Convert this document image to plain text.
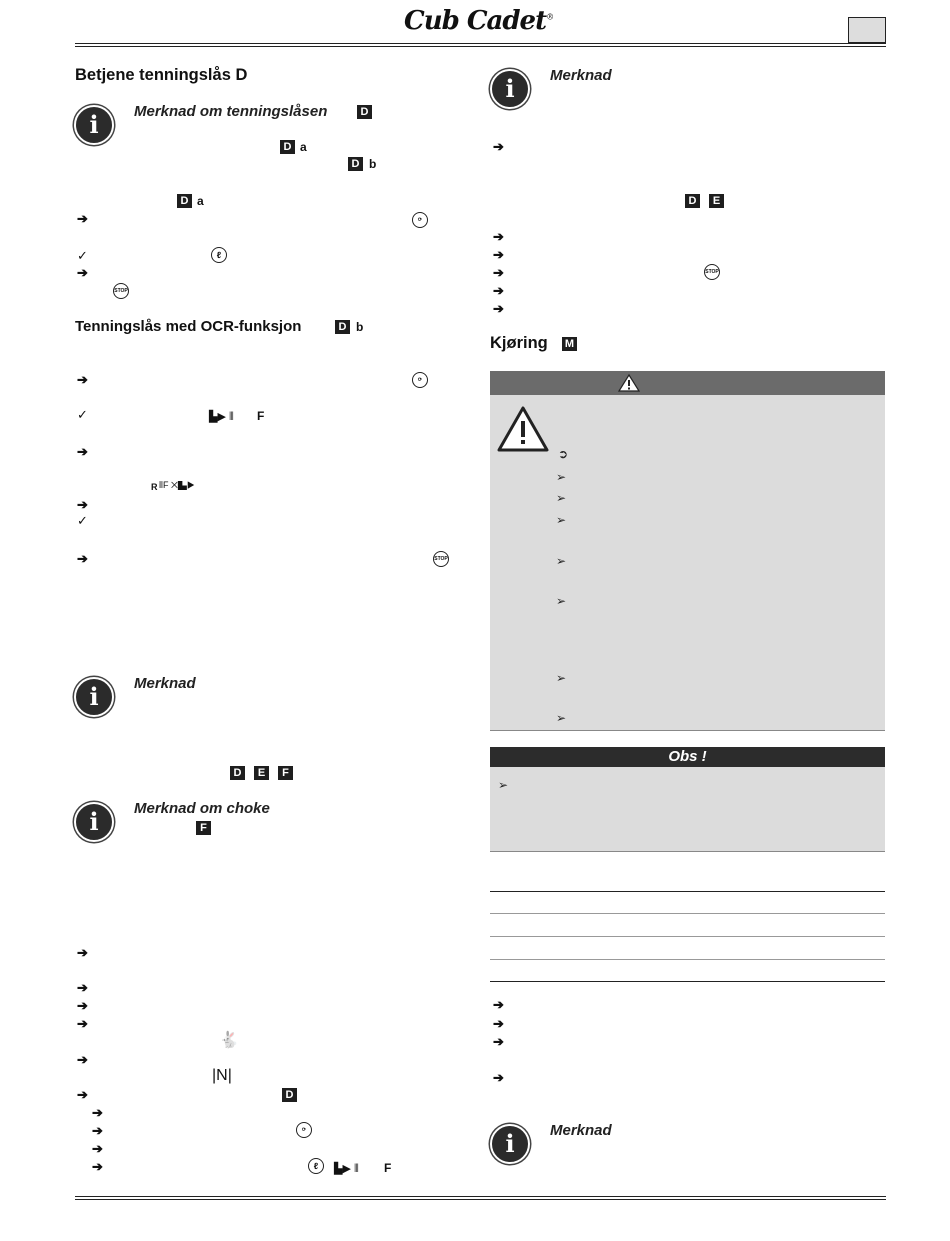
Cub Cadet®
Betjene tenningslås D
i	Merknad om tenningslåsen	D
D a
D b
D a
➔	⟳
✓	ℓ
➔
STOP
Tenningslås med OCR-funksjon	D b
➔	⟳
✓	▙▶ ⦀ F
➔
R ⦀F ✕▙▶
➔
✓
➔	STOP
i	Merknad
D	E	F
i	Merknad om choke
F
➔
➔
➔
➔
🐇
➔
|N|
➔	D
➔
➔	⟳
➔
➔	ℓ	▙▶ ⦀ F
i	Merknad
➔
D	E
➔
➔
➔	STOP
➔
➔
Kjøring M
➲
➢
➢
➢
➢
➢
➢
➢
Obs !
➢
➔
➔
➔
➔
i	Merknad
